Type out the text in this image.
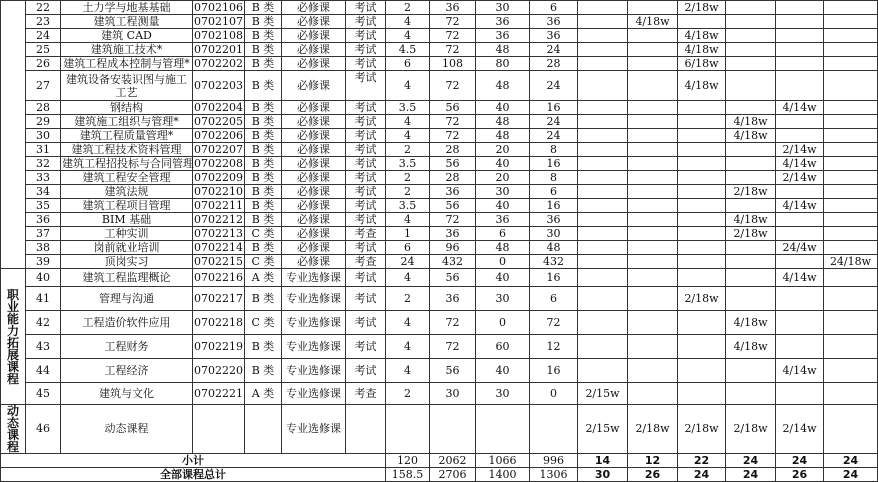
	22	土力学与地基基础	0702106	B 类	必修课	考试	2	36	30	6			2/18w			
	23	建筑工程测量	0702107	B 类	必修课	考试	4	72	36	36		4/18w				
	24	建筑 CAD	0702108	B 类	必修课	考试	4	72	36	36			4/18w			
	25	建筑施工技术*	0702201	B 类	必修课	考试	4.5	72	48	24			4/18w			
	26	建筑工程成本控制与管理*	0702202	B 类	必修课	考试	6	108	80	28			6/18w			
	27	建筑设备安装识图与施工工艺	0702203	B 类	必修课	考试	4	72	48	24			4/18w			
	28	钢结构	0702204	B 类	必修课	考试	3.5	56	40	16					4/14w	
	29	建筑施工组织与管理*	0702205	B 类	必修课	考试	4	72	48	24				4/18w		
	30	建筑工程质量管理*	0702206	B 类	必修课	考试	4	72	48	24				4/18w		
	31	建筑工程技术资料管理	0702207	B 类	必修课	考试	2	28	20	8					2/14w	
	32	建筑工程招投标与合同管理	0702208	B 类	必修课	考试	3.5	56	40	16					4/14w	
	33	建筑工程安全管理	0702209	B 类	必修课	考试	2	28	20	8					2/14w	
	34	建筑法规	0702210	B 类	必修课	考试	2	36	30	6				2/18w		
	35	建筑工程项目管理	0702211	B 类	必修课	考试	3.5	56	40	16					4/14w	
	36	BIM 基础	0702212	B 类	必修课	考试	4	72	36	36				4/18w		
	37	工种实训	0702213	C 类	必修课	考查	1	36	6	30				2/18w		
	38	岗前就业培训	0702214	B 类	必修课	考试	6	96	48	48					24/4w	
	39	顶岗实习	0702215	C 类	必修课	考查	24	432	0	432						24/18w
职业能力拓展课程	40	建筑工程监理概论	0702216	A 类	专业选修课	考试	4	56	40	16					4/14w	
	41	管理与沟通	0702217	B 类	专业选修课	考试	2	36	30	6			2/18w			
	42	工程造价软件应用	0702218	C 类	专业选修课	考试	4	72	0	72				4/18w		
	43	工程财务	0702219	B 类	专业选修课	考试	4	72	60	12				4/18w		
	44	工程经济	0702220	B 类	专业选修课	考试	4	56	40	16					4/14w	
	45	建筑与文化	0702221	A 类	专业选修课	考查	2	30	30	0	2/15w					
动态课程	46	动态课程			专业选修课						2/15w	2/18w	2/18w	2/18w	2/14w	
小计							120	2062	1066	996	14	12	22	24	24	24
全部课程总计							158.5	2706	1400	1306	30	26	24	24	26	24
